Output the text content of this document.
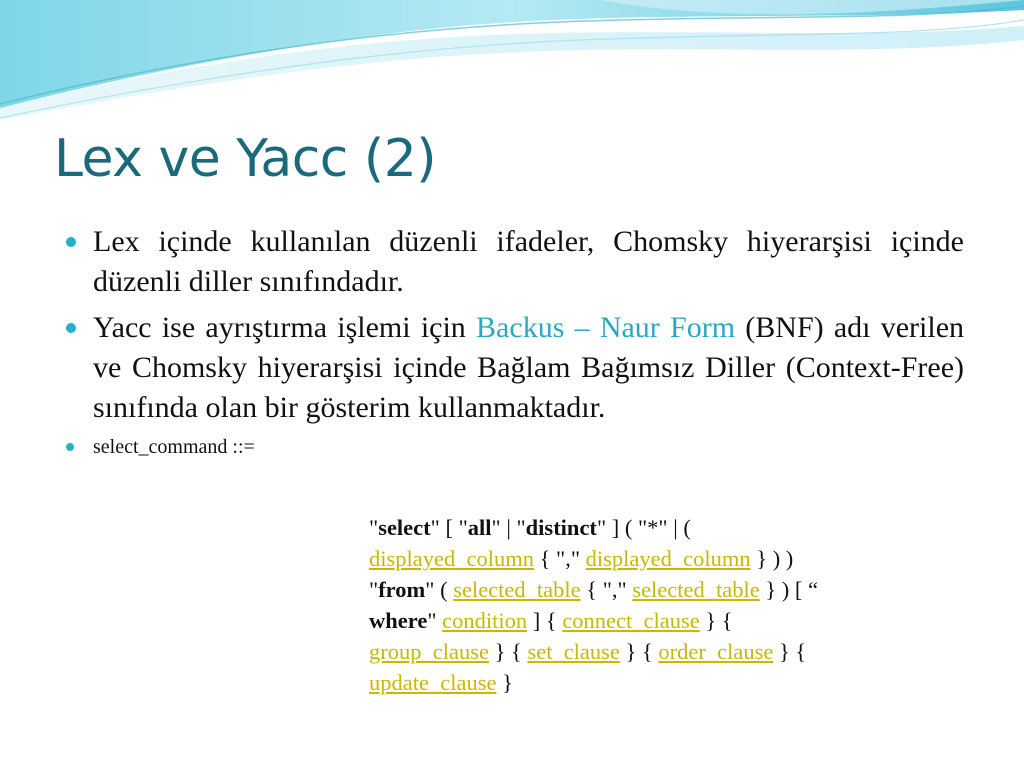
Lex ve Yacc (2)
Lex içinde kullanılan düzenli ifadeler, Chomsky hiyerarşisi içinde düzenli diller sınıfındadır.
Yacc ise ayrıştırma işlemi için Backus – Naur Form (BNF) adı verilen ve Chomsky hiyerarşisi içinde Bağlam Bağımsız Diller (Context-Free) sınıfında olan bir gösterim kullanmaktadır.
select_command ::=
"select" [ "all" | "distinct" ] ( "*" | (
displayed_column { "," displayed_column } ) )
"from" ( selected_table { "," selected_table } ) [ “
where" condition ] { connect_clause } {
group_clause } { set_clause } { order_clause } {
update_clause }
